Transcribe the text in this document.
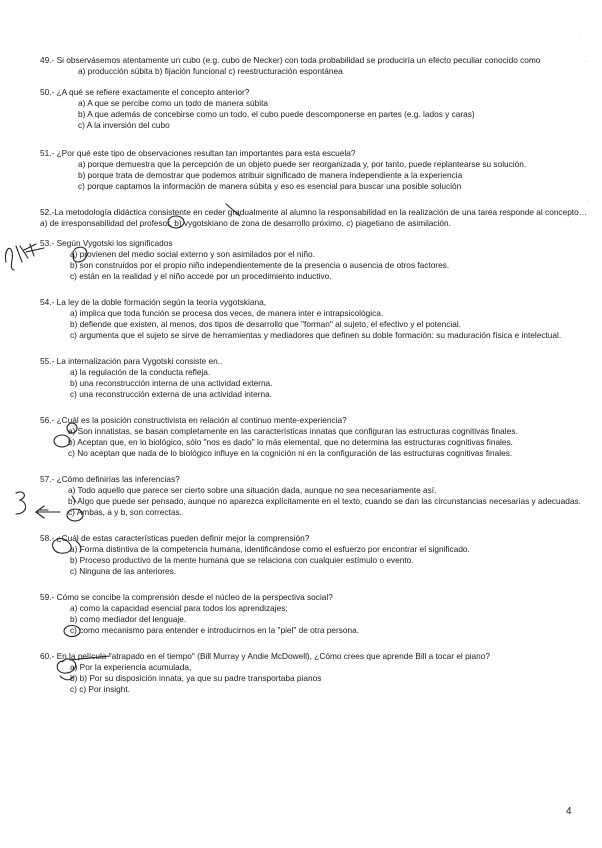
49.- Si observásemos atentamente un cubo (e.g. cubo de Necker) con toda probabilidad se produciría un efecto peculiar conocido como
a) producción súbita b) fijación funcional c) reestructuración espontánea
50.- ¿A qué se refiere exactamente el concepto anterior?
a) A que se percibe como un todo de manera súbita
b) A que además de concebirse como un todo, el cubo puede descomponerse en partes (e.g. lados y caras)
c) A la inversión del cubo
51.- ¿Por qué este tipo de observaciones resultan tan importantes para esta escuela?
a) porque demuestra que la percepción de un objeto puede ser reorganizada y, por tanto, puede replantearse su solución.
b) porque trata de demostrar que podemos atribuir significado de manera independiente a la experiencia
c) porque captamos la información de manera súbita y eso es esencial para buscar una posible solución
52.-La metodología didáctica consistente en ceder gradualmente al alumno la responsabilidad en la realización de una tarea responde al concepto…
a) de irresponsabilidad del profesor, b) vygotskiano de zona de desarrollo próximo, c) piagetiano de asimilación.
53.- Según Vygotski los significados
a) provienen del medio social externo y son asimilados por el niño.
b) son construidos por el propio niño independientemente de la presencia o ausencia de otros factores.
c) están en la realidad y el niño accede por un procedimiento inductivo.
54.- La ley de la doble formación según la teoría vygotskiana,
a) implica que toda función se procesa dos veces, de manera inter e intrapsicológica.
b) defiende que existen, al menos, dos tipos de desarrollo que "forman" al sujeto, el efectivo y el potencial.
c) argumenta que el sujeto se sirve de herramientas y mediadores que definen su doble formación: su maduración física e intelectual.
55.- La internalización para Vygotski consiste en..
a) la regulación de la conducta refleja.
b) una reconstrucción interna de una actividad externa.
c) una reconstrucción externa de una actividad interna.
56.- ¿Cuál es la posición constructivista en relación al continuo mente-experiencia?
a) Son innatistas, se basan completamente en las características innatas que configuran las estructuras cognitivas finales.
b) Aceptan que, en lo biológico, sólo "nos es dado" lo más elemental, que no determina las estructuras cognitivas finales.
c) No aceptan que nada de lo biológico influye en la cognición ni en la configuración de las estructuras cognitivas finales.
57.- ¿Cómo definirías las inferencias?
a) Todo aquello que parece ser cierto sobre una situación dada, aunque no sea necesariamente así.
b) Algo que puede ser pensado, aunque no aparezca explícitamente en el texto, cuando se dan las circunstancias necesarias y adecuadas.
c) Ambas, a y b, son correctas.
58.- ¿Cuál de estas características pueden definir mejor la comprensión?
a) Forma distintiva de la competencia humana, identificándose como el esfuerzo por encontrar el significado.
b) Proceso productivo de la mente humana que se relaciona con cualquier estímulo o evento.
c) Ninguna de las anteriores.
59.- Cómo se concibe la comprensión desde el núcleo de la perspectiva social?
a) como la capacidad esencial para todos los aprendizajes;
b) como mediador del lenguaje.
c) como mecanismo para entender e introducirnos en la "piel" de otra persona.
60.- En la película "atrapado en el tiempo" (Bill Murray y Andie McDowell), ¿Cómo crees que aprende Bill a tocar el piano?
a) Por la experiencia acumulada,
b) b) Por su disposición innata, ya que su padre transportaba pianos
c) c) Por insight.
4
·
·
·
